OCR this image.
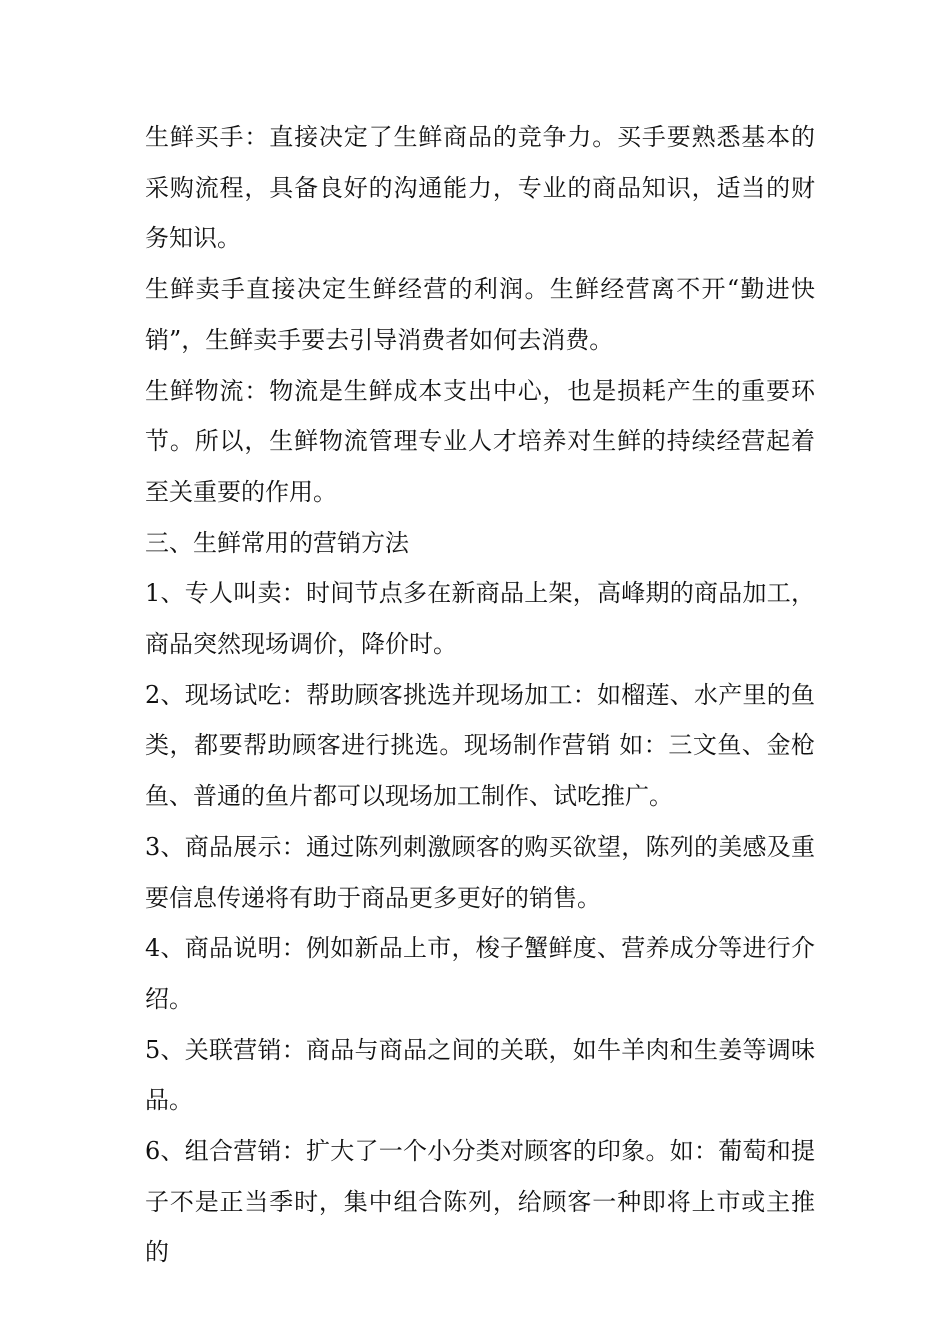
生鲜买手：直接决定了生鲜商品的竞争力。买手要熟悉基本的采购流程，具备良好的沟通能力，专业的商品知识，适当的财务知识。

生鲜卖手直接决定生鲜经营的利润。生鲜经营离不开“勤进快销”，生鲜卖手要去引导消费者如何去消费。

生鲜物流：物流是生鲜成本支出中心，也是损耗产生的重要环节。所以，生鲜物流管理专业人才培养对生鲜的持续经营起着至关重要的作用。

三、生鲜常用的营销方法

1、专人叫卖：时间节点多在新商品上架，高峰期的商品加工，商品突然现场调价，降价时。

2、现场试吃：帮助顾客挑选并现场加工：如榴莲、水产里的鱼类，都要帮助顾客进行挑选。现场制作营销 如：三文鱼、金枪鱼、普通的鱼片都可以现场加工制作、试吃推广。

3、商品展示：通过陈列刺激顾客的购买欲望，陈列的美感及重要信息传递将有助于商品更多更好的销售。

4、商品说明：例如新品上市，梭子蟹鲜度、营养成分等进行介绍。

5、关联营销：商品与商品之间的关联，如牛羊肉和生姜等调味品。

6、组合营销：扩大了一个小分类对顾客的印象。如：葡萄和提子不是正当季时，集中组合陈列，给顾客一种即将上市或主推的
